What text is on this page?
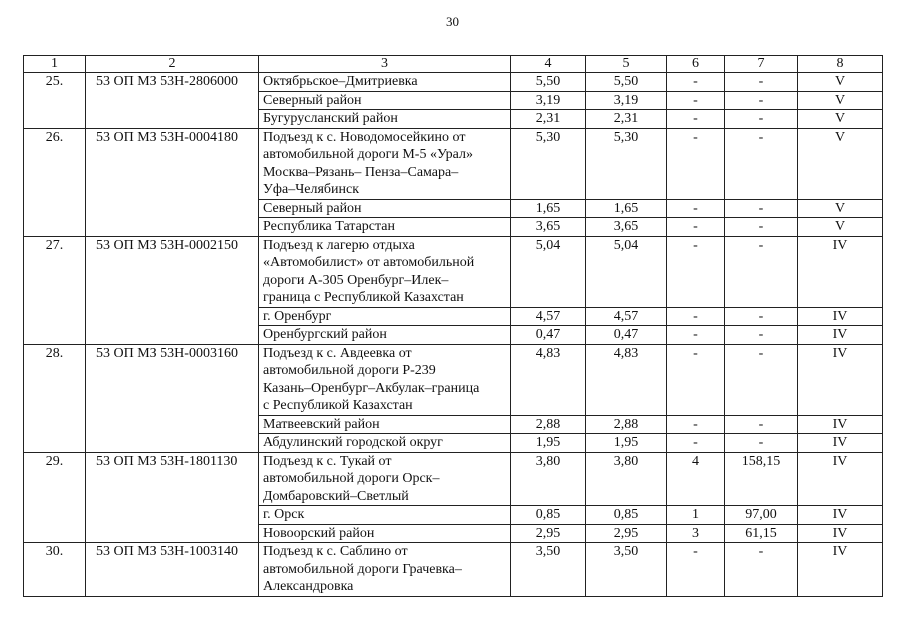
30
1	2	3	4	5	6	7	8
25.	53 ОП МЗ 53Н-2806000	Октябрьское–Дмитриевка	5,50	5,50	-	-	V
		Северный район	3,19	3,19	-	-	V
		Бугурусланский район	2,31	2,31	-	-	V
26.	53 ОП МЗ 53Н-0004180	Подъезд к с. Новодомосейкино от
автомобильной дороги М-5 «Урал»
Москва–Рязань– Пенза–Самара–
Уфа–Челябинск	5,30	5,30	-	-	V
		Северный район	1,65	1,65	-	-	V
		Республика Татарстан	3,65	3,65	-	-	V
27.	53 ОП МЗ 53Н-0002150	Подъезд к лагерю отдыха
«Автомобилист» от автомобильной
дороги А-305 Оренбург–Илек–
граница с Республикой Казахстан	5,04	5,04	-	-	IV
		г. Оренбург	4,57	4,57	-	-	IV
		Оренбургский район	0,47	0,47	-	-	IV
28.	53 ОП МЗ 53Н-0003160	Подъезд к с. Авдеевка от
автомобильной дороги Р-239
Казань–Оренбург–Акбулак–граница
с Республикой Казахстан	4,83	4,83	-	-	IV
		Матвеевский район	2,88	2,88	-	-	IV
		Абдулинский городской округ	1,95	1,95	-	-	IV
29.	53 ОП МЗ 53Н-1801130	Подъезд к с. Тукай от
автомобильной дороги Орск–
Домбаровский–Светлый	3,80	3,80	4	158,15	IV
		г. Орск	0,85	0,85	1	97,00	IV
		Новоорский район	2,95	2,95	3	61,15	IV
30.	53 ОП МЗ 53Н-1003140	Подъезд к с. Саблино от
автомобильной дороги Грачевка–
Александровка	3,50	3,50	-	-	IV
